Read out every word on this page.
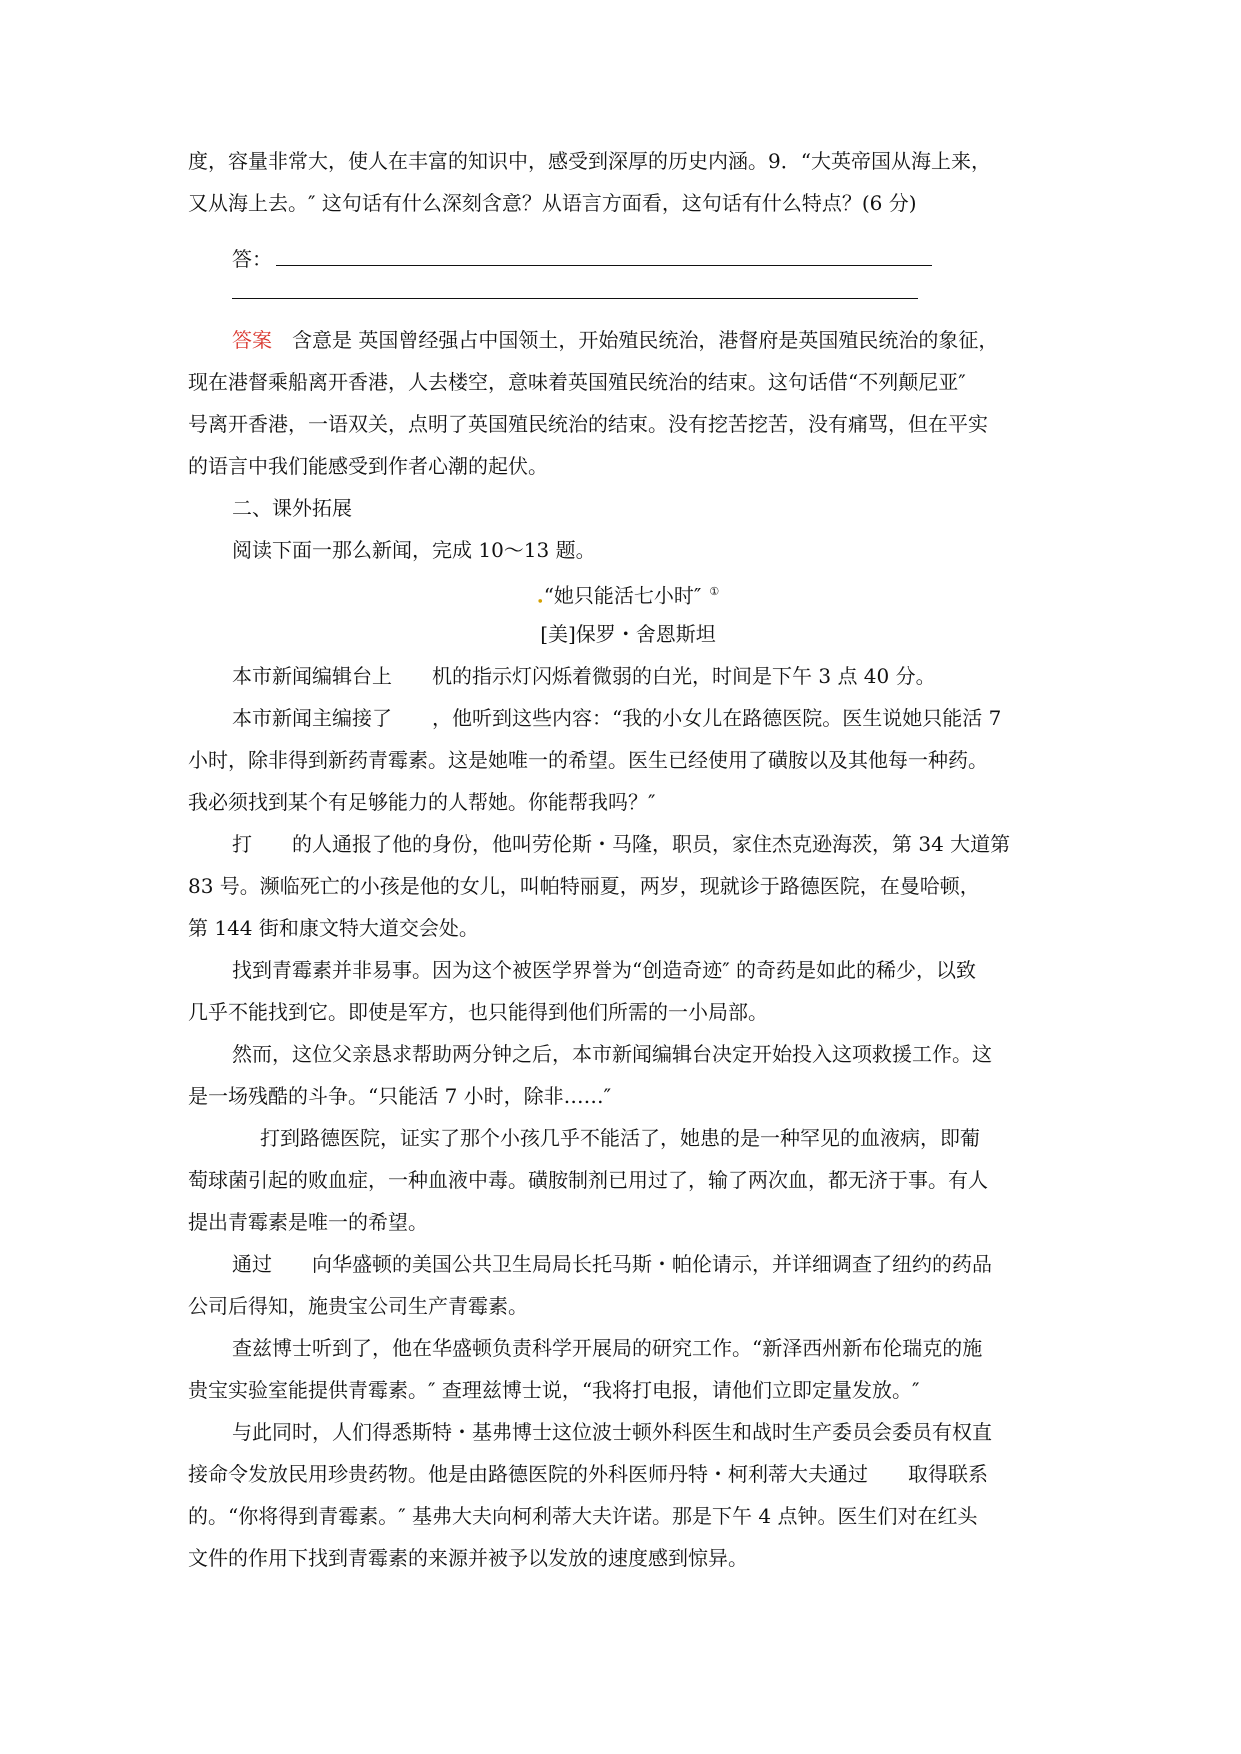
度，容量非常大，使人在丰富的知识中，感受到深厚的历史内涵。9．“大英帝国从海上来，
又从海上去。″ 这句话有什么深刻含意？从语言方面看，这句话有什么特点？(6 分)
答：
答案　含意是 英国曾经强占中国领土，开始殖民统治，港督府是英国殖民统治的象征，
现在港督乘船离开香港，人去楼空，意味着英国殖民统治的结束。这句话借“不列颠尼亚″
号离开香港，一语双关，点明了英国殖民统治的结束。没有挖苦挖苦，没有痛骂，但在平实
的语言中我们能感受到作者心潮的起伏。
二、课外拓展
阅读下面一那么新闻，完成 10～13 题。
.“她只能活七小时″ ①
[美]保罗・舍恩斯坦
本市新闻编辑台上　　机的指示灯闪烁着微弱的白光，时间是下午 3 点 40 分。
本市新闻主编接了　　，他听到这些内容：“我的小女儿在路德医院。医生说她只能活 7
小时，除非得到新药青霉素。这是她唯一的希望。医生已经使用了磺胺以及其他每一种药。
我必须找到某个有足够能力的人帮她。你能帮我吗？″
打　　的人通报了他的身份，他叫劳伦斯・马隆，职员，家住杰克逊海茨，第 34 大道第
83 号。濒临死亡的小孩是他的女儿，叫帕特丽夏，两岁，现就诊于路德医院，在曼哈顿，
第 144 街和康文特大道交会处。
找到青霉素并非易事。因为这个被医学界誉为“创造奇迹″ 的奇药是如此的稀少，以致
几乎不能找到它。即使是军方，也只能得到他们所需的一小局部。
然而，这位父亲恳求帮助两分钟之后，本市新闻编辑台决定开始投入这项救援工作。这
是一场残酷的斗争。“只能活 7 小时，除非……″
打到路德医院，证实了那个小孩几乎不能活了，她患的是一种罕见的血液病，即葡
萄球菌引起的败血症，一种血液中毒。磺胺制剂已用过了，输了两次血，都无济于事。有人
提出青霉素是唯一的希望。
通过　　向华盛顿的美国公共卫生局局长托马斯・帕伦请示，并详细调查了纽约的药品
公司后得知，施贵宝公司生产青霉素。
查兹博士听到了，他在华盛顿负责科学开展局的研究工作。“新泽西州新布伦瑞克的施
贵宝实验室能提供青霉素。″ 查理兹博士说，“我将打电报，请他们立即定量发放。″
与此同时，人们得悉斯特・基弗博士这位波士顿外科医生和战时生产委员会委员有权直
接命令发放民用珍贵药物。他是由路德医院的外科医师丹特・柯利蒂大夫通过　　取得联系
的。“你将得到青霉素。″ 基弗大夫向柯利蒂大夫许诺。那是下午 4 点钟。医生们对在红头
文件的作用下找到青霉素的来源并被予以发放的速度感到惊异。
